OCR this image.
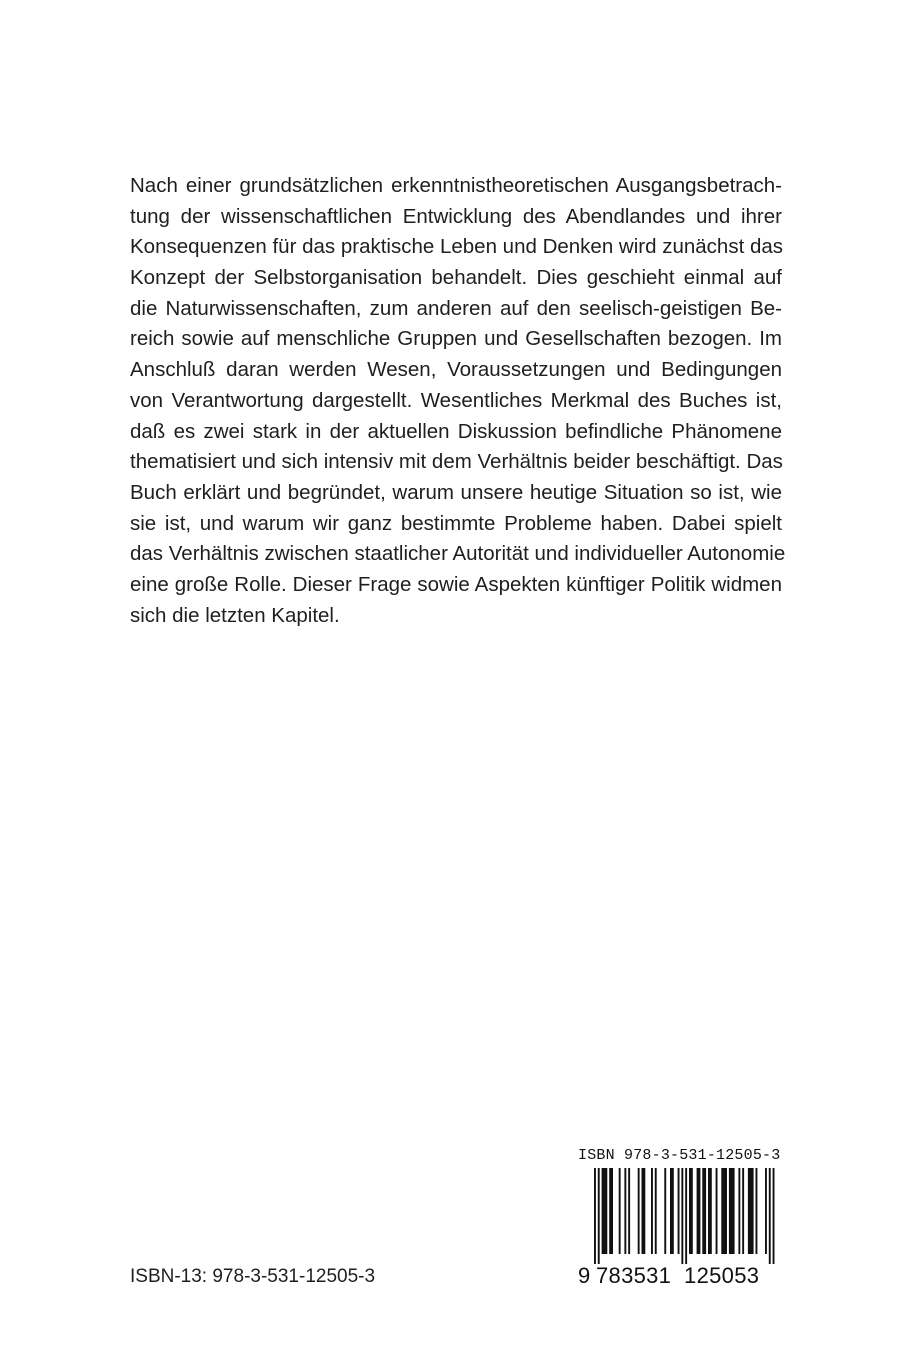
Nach einer grundsätzlichen erkenntnistheoretischen Ausgangsbetrach-
tung der wissenschaftlichen Entwicklung des Abendlandes und ihrer
Konsequenzen für das praktische Leben und Denken wird zunächst das
Konzept der Selbstorganisation behandelt. Dies geschieht einmal auf
die Naturwissenschaften, zum anderen auf den seelisch-geistigen Be-
reich sowie auf menschliche Gruppen und Gesellschaften bezogen. Im
Anschluß daran werden Wesen, Voraussetzungen und Bedingungen
von Verantwortung dargestellt. Wesentliches Merkmal des Buches ist,
daß es zwei stark in der aktuellen Diskussion befindliche Phänomene
thematisiert und sich intensiv mit dem Verhältnis beider beschäftigt. Das
Buch erklärt und begründet, warum unsere heutige Situation so ist, wie
sie ist, und warum wir ganz bestimmte Probleme haben. Dabei spielt
das Verhältnis zwischen staatlicher Autorität und individueller Autonomie
eine große Rolle. Dieser Frage sowie Aspekten künftiger Politik widmen
sich die letzten Kapitel.
ISBN 978-3-531-12505-3
9 783531 125053
ISBN-13: 978-3-531-12505-3
